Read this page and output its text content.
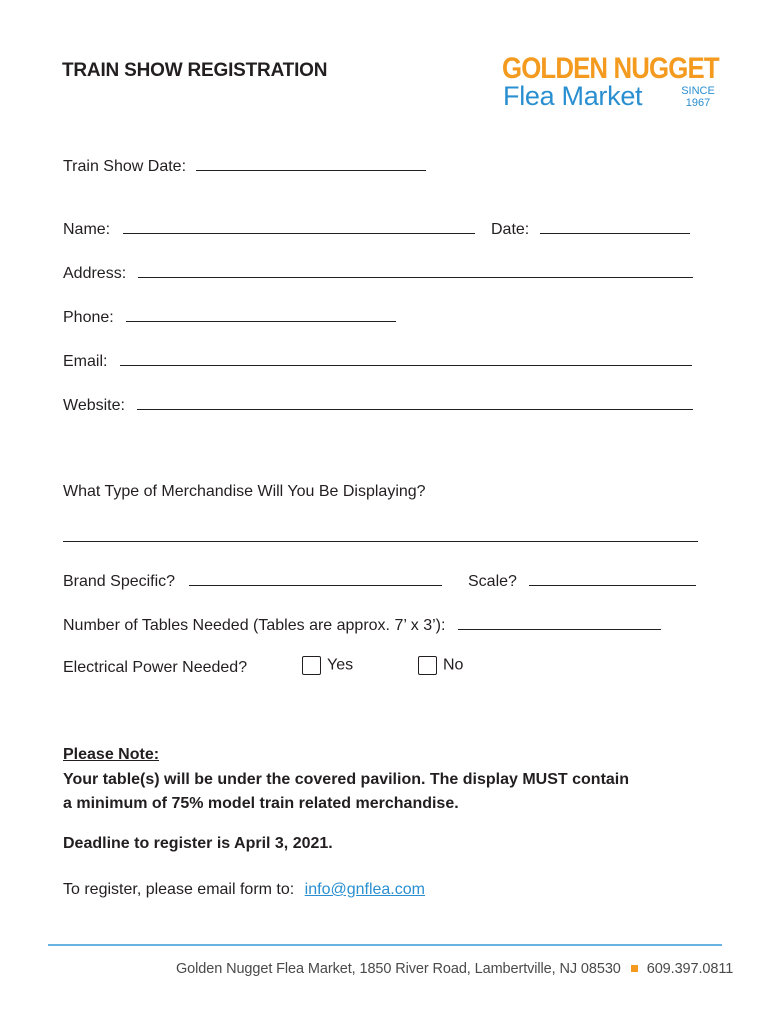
TRAIN SHOW REGISTRATION	GOLDEN NUGGET
Flea Market	SINCE
1967
Train Show Date:
Name:	Date:
Address:
Phone:
Email:
Website:
What Type of Merchandise Will You Be Displaying?
Brand Specific?	Scale?
Number of Tables Needed (Tables are approx. 7’ x 3’):
Electrical Power Needed?	Yes	No
Please Note:
Your table(s) will be under the covered pavilion. The display MUST contain
a minimum of 75% model train related merchandise.
Deadline to register is April 3, 2021.
To register, please email form to: info@gnflea.com
Golden Nugget Flea Market, 1850 River Road, Lambertville, NJ 08530 609.397.0811
